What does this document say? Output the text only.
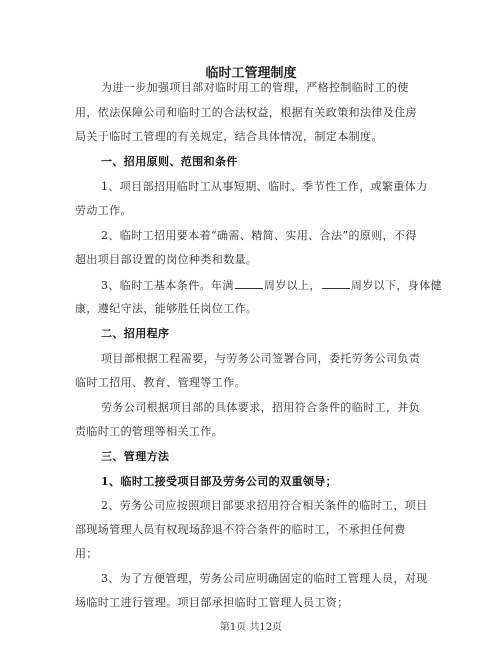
临时工管理制度
为进一步加强项目部对临时用工的管理，严格控制临时工的使
用，依法保障公司和临时工的合法权益，根据有关政策和法律及住房
局关于临时工管理的有关规定，结合具体情况，制定本制度。
一、招用原则、范围和条件
1、项目部招用临时工从事短期、临时、季节性工作，或繁重体力
劳动工作。
2、临时工招用要本着“确需、精简、实用、合法”的原则，不得
超出项目部设置的岗位种类和数量。
3、临时工基本条件。年满	周岁以上，	周岁以下，身体健
康，遵纪守法，能够胜任岗位工作。
二、招用程序
项目部根据工程需要，与劳务公司签署合同，委托劳务公司负责
临时工招用、教育、管理等工作。
劳务公司根据项目部的具体要求，招用符合条件的临时工，并负
责临时工的管理等相关工作。
三、管理方法
1、临时工接受项目部及劳务公司的双重领导；
2、劳务公司应按照项目部要求招用符合相关条件的临时工，项目
部现场管理人员有权现场辞退不符合条件的临时工，不承担任何费
用；
3、为了方便管理，劳务公司应明确固定的临时工管理人员，对现
场临时工进行管理。项目部承担临时工管理人员工资；
第1页 共12页
